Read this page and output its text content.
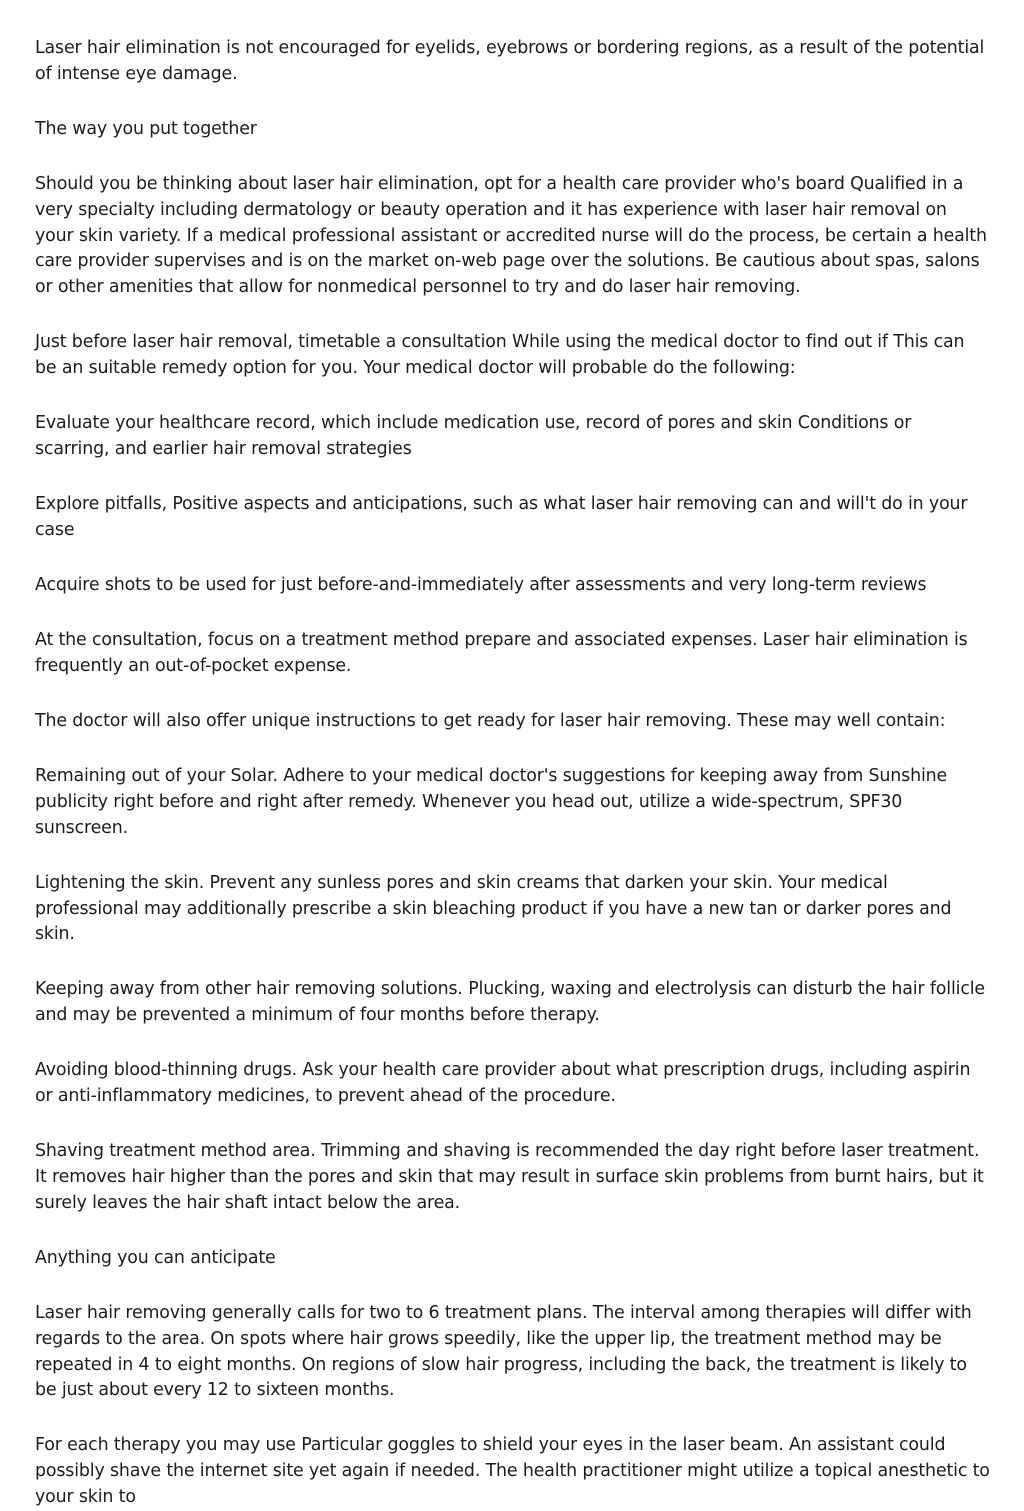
Laser hair elimination is not encouraged for eyelids, eyebrows or bordering regions, as a result of the potential of intense eye damage.

The way you put together

Should you be thinking about laser hair elimination, opt for a health care provider who's board Qualified in a very specialty including dermatology or beauty operation and it has experience with laser hair removal on your skin variety. If a medical professional assistant or accredited nurse will do the process, be certain a health care provider supervises and is on the market on-web page over the solutions. Be cautious about spas, salons or other amenities that allow for nonmedical personnel to try and do laser hair removing.

Just before laser hair removal, timetable a consultation While using the medical doctor to find out if This can be an suitable remedy option for you. Your medical doctor will probable do the following:

Evaluate your healthcare record, which include medication use, record of pores and skin Conditions or scarring, and earlier hair removal strategies

Explore pitfalls, Positive aspects and anticipations, such as what laser hair removing can and will't do in your case

Acquire shots to be used for just before-and-immediately after assessments and very long-term reviews

At the consultation, focus on a treatment method prepare and associated expenses. Laser hair elimination is frequently an out-of-pocket expense.

The doctor will also offer unique instructions to get ready for laser hair removing. These may well contain:

Remaining out of your Solar. Adhere to your medical doctor's suggestions for keeping away from Sunshine publicity right before and right after remedy. Whenever you head out, utilize a wide-spectrum, SPF30 sunscreen.

Lightening the skin. Prevent any sunless pores and skin creams that darken your skin. Your medical professional may additionally prescribe a skin bleaching product if you have a new tan or darker pores and skin.

Keeping away from other hair removing solutions. Plucking, waxing and electrolysis can disturb the hair follicle and may be prevented a minimum of four months before therapy.

Avoiding blood-thinning drugs. Ask your health care provider about what prescription drugs, including aspirin or anti-inflammatory medicines, to prevent ahead of the procedure.

Shaving treatment method area. Trimming and shaving is recommended the day right before laser treatment. It removes hair higher than the pores and skin that may result in surface skin problems from burnt hairs, but it surely leaves the hair shaft intact below the area.

Anything you can anticipate

Laser hair removing generally calls for two to 6 treatment plans. The interval among therapies will differ with regards to the area. On spots where hair grows speedily, like the upper lip, the treatment method may be repeated in 4 to eight months. On regions of slow hair progress, including the back, the treatment is likely to be just about every 12 to sixteen months.

For each therapy you may use Particular goggles to shield your eyes in the laser beam. An assistant could possibly shave the internet site yet again if needed. The health practitioner might utilize a topical anesthetic to your skin to
